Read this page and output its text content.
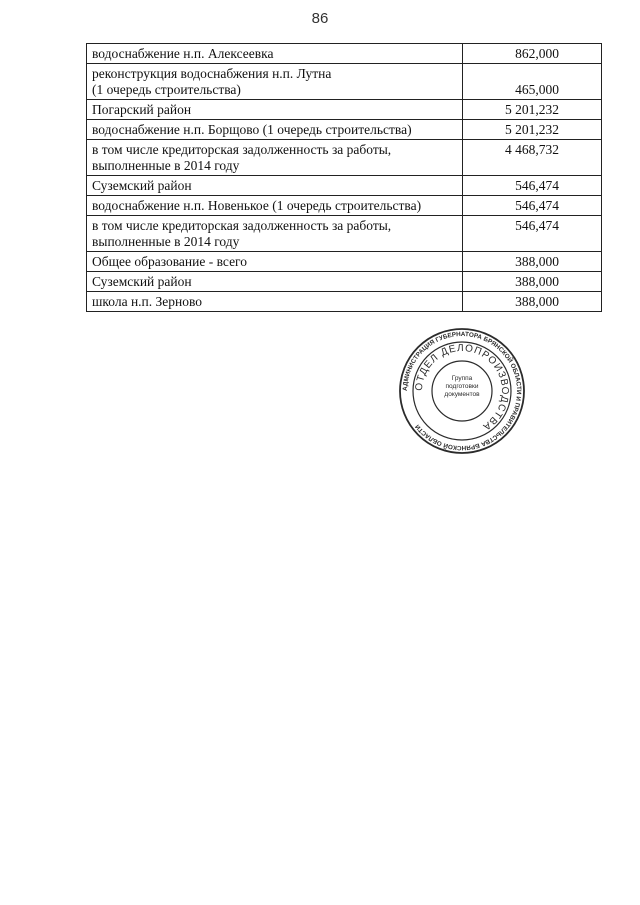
86
водоснабжение н.п. Алексеевка	862,000
реконструкция водоснабжения н.п. Лутна
(1 очередь строительства)	465,000
Погарский район	5 201,232
водоснабжение н.п. Борщово (1 очередь строительства)	5 201,232
в том числе кредиторская задолженность за работы, выполненные в 2014 году	4 468,732
Суземский район	546,474
водоснабжение н.п. Новенькое (1 очередь строительства)	546,474
в том числе кредиторская задолженность за работы, выполненные в 2014 году	546,474
Общее образование - всего	388,000
Суземский район	388,000
школа н.п. Зерново	388,000
АДМИНИСТРАЦИЯ ГУБЕРНАТОРА БРЯНСКОЙ ОБЛАСТИ И ПРАВИТЕЛЬСТВА БРЯНСКОЙ ОБЛАСТИ
ОТДЕЛ ДЕЛОПРОИЗВОДСТВА
Группа подготовки документов
